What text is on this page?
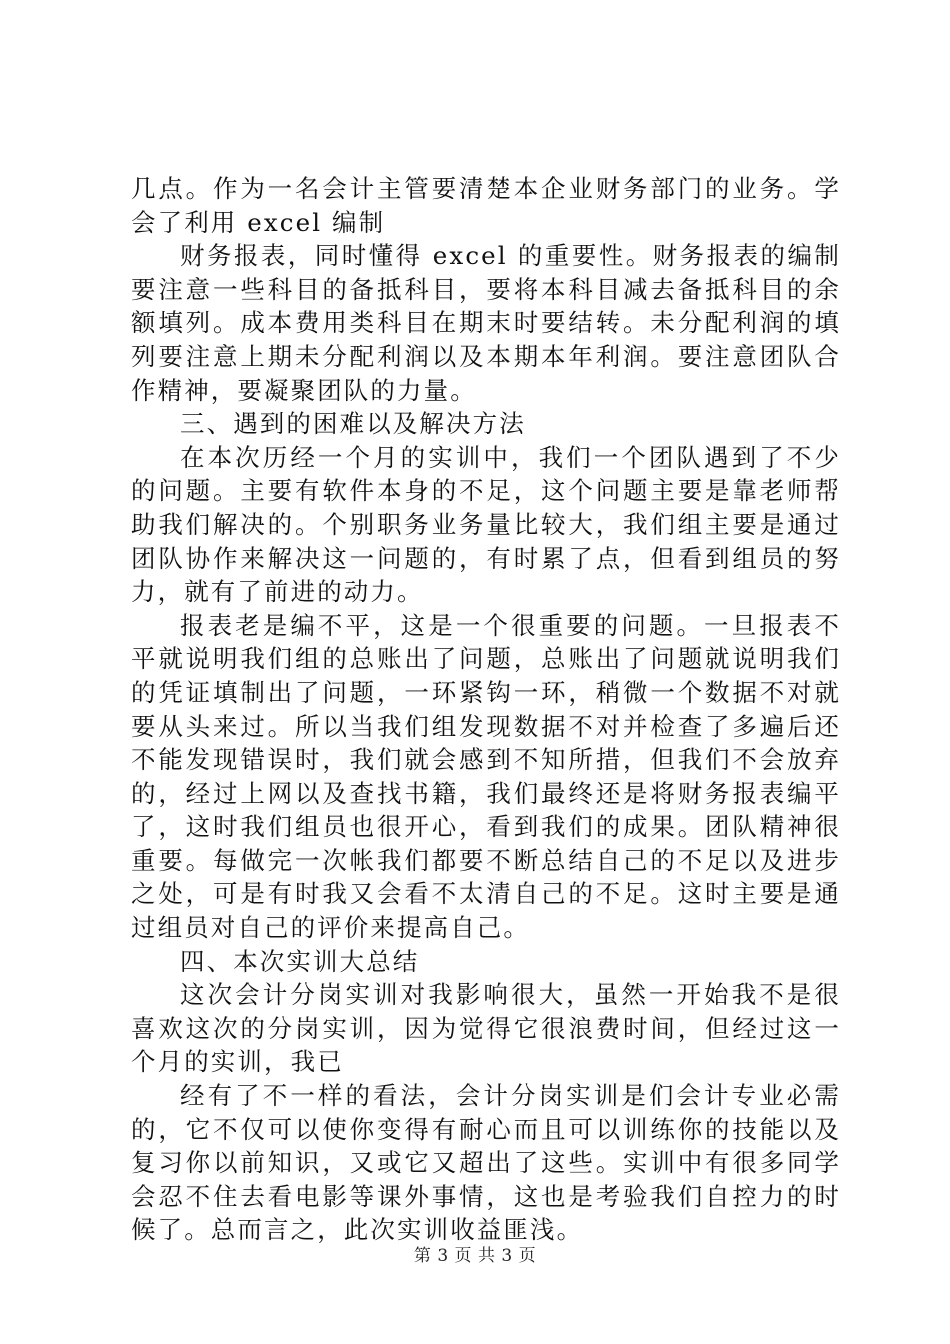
几点。作为一名会计主管要清楚本企业财务部门的业务。学会了利用 excel 编制

财务报表，同时懂得 excel 的重要性。财务报表的编制要注意一些科目的备抵科目，要将本科目减去备抵科目的余额填列。成本费用类科目在期末时要结转。未分配利润的填列要注意上期未分配利润以及本期本年利润。要注意团队合作精神，要凝聚团队的力量。

三、遇到的困难以及解决方法

在本次历经一个月的实训中，我们一个团队遇到了不少的问题。主要有软件本身的不足，这个问题主要是靠老师帮助我们解决的。个别职务业务量比较大，我们组主要是通过团队协作来解决这一问题的，有时累了点，但看到组员的努力，就有了前进的动力。

报表老是编不平，这是一个很重要的问题。一旦报表不平就说明我们组的总账出了问题，总账出了问题就说明我们的凭证填制出了问题，一环紧钩一环，稍微一个数据不对就要从头来过。所以当我们组发现数据不对并检查了多遍后还不能发现错误时，我们就会感到不知所措，但我们不会放弃的，经过上网以及查找书籍，我们最终还是将财务报表编平了，这时我们组员也很开心，看到我们的成果。团队精神很重要。每做完一次帐我们都要不断总结自己的不足以及进步之处，可是有时我又会看不太清自己的不足。这时主要是通过组员对自己的评价来提高自己。

四、本次实训大总结

这次会计分岗实训对我影响很大，虽然一开始我不是很喜欢这次的分岗实训，因为觉得它很浪费时间，但经过这一个月的实训，我已

经有了不一样的看法，会计分岗实训是们会计专业必需的，它不仅可以使你变得有耐心而且可以训练你的技能以及复习你以前知识，又或它又超出了这些。实训中有很多同学会忍不住去看电影等课外事情，这也是考验我们自控力的时候了。总而言之，此次实训收益匪浅。

第 3 页 共 3 页
